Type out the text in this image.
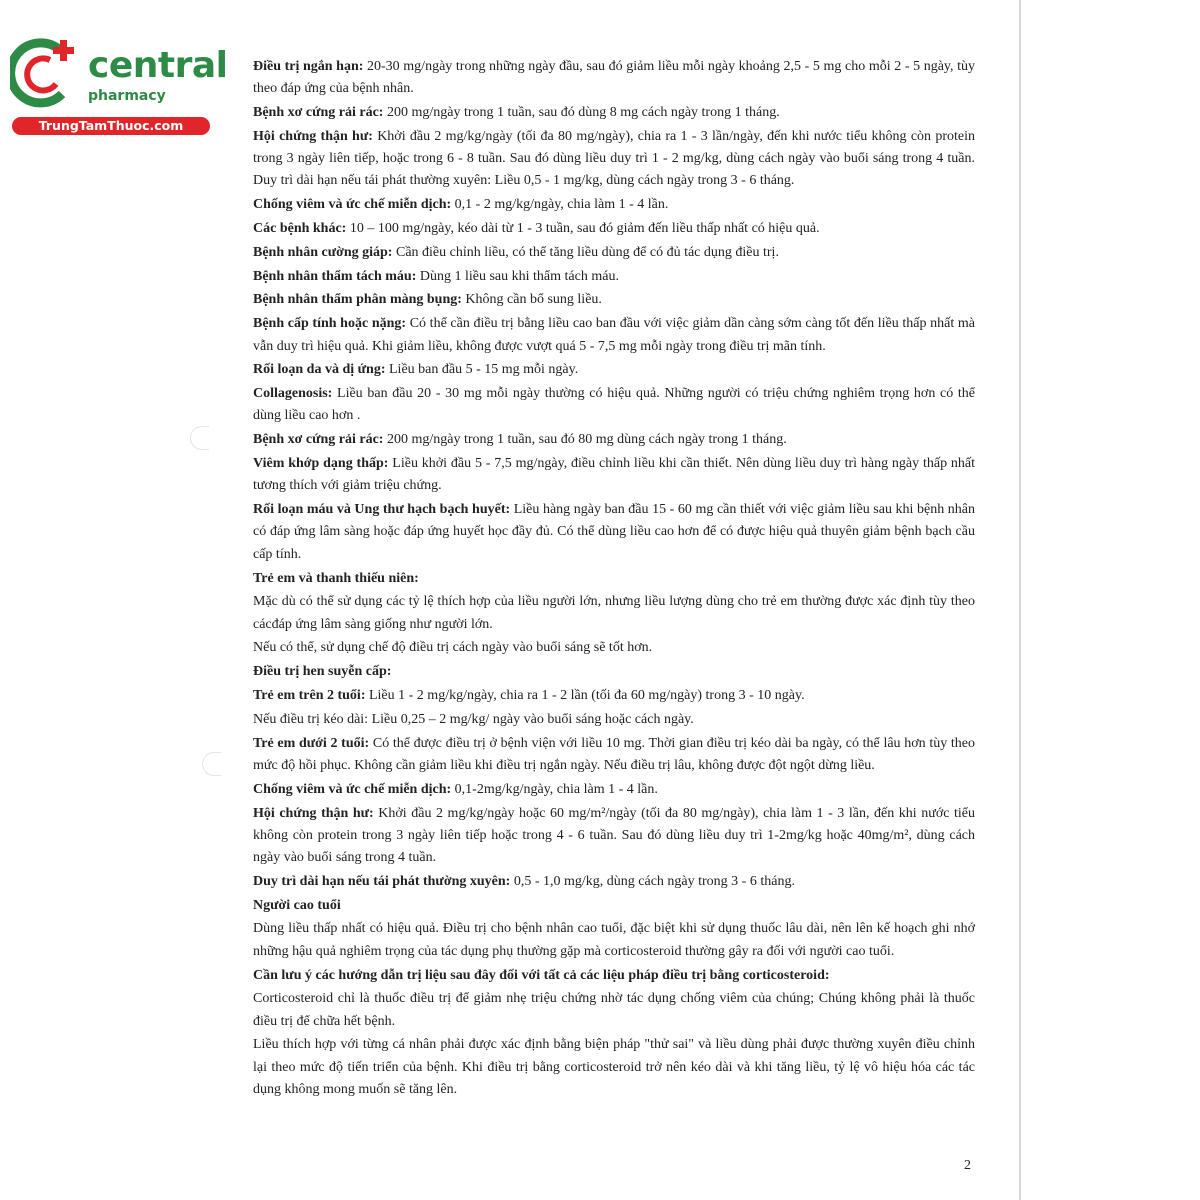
central
pharmacy
TrungTamThuoc.com

Điều trị ngắn hạn: 20-30 mg/ngày trong những ngày đầu, sau đó giảm liều mỗi ngày khoảng 2,5 - 5 mg cho mỗi 2 - 5 ngày, tùy theo đáp ứng của bệnh nhân.

Bệnh xơ cứng rải rác: 200 mg/ngày trong 1 tuần, sau đó dùng 8 mg cách ngày trong 1 tháng.

Hội chứng thận hư: Khởi đầu 2 mg/kg/ngày (tối đa 80 mg/ngày), chia ra 1 - 3 lần/ngày, đến khi nước tiểu không còn protein trong 3 ngày liên tiếp, hoặc trong 6 - 8 tuần. Sau đó dùng liều duy trì 1 - 2 mg/kg, dùng cách ngày vào buổi sáng trong 4 tuần. Duy trì dài hạn nếu tái phát thường xuyên: Liều 0,5 - 1 mg/kg, dùng cách ngày trong 3 - 6 tháng.

Chống viêm và ức chế miễn dịch: 0,1 - 2 mg/kg/ngày, chia làm 1 - 4 lần.

Các bệnh khác: 10 – 100 mg/ngày, kéo dài từ 1 - 3 tuần, sau đó giảm đến liều thấp nhất có hiệu quả.

Bệnh nhân cường giáp: Cần điều chỉnh liều, có thể tăng liều dùng để có đủ tác dụng điều trị.

Bệnh nhân thẩm tách máu: Dùng 1 liều sau khi thẩm tách máu.

Bệnh nhân thẩm phân màng bụng: Không cần bổ sung liều.

Bệnh cấp tính hoặc nặng: Có thể cần điều trị bằng liều cao ban đầu với việc giảm dần càng sớm càng tốt đến liều thấp nhất mà vẫn duy trì hiệu quả. Khi giảm liều, không được vượt quá 5 - 7,5 mg mỗi ngày trong điều trị mãn tính.

Rối loạn da và dị ứng: Liều ban đầu 5 - 15 mg mỗi ngày.

Collagenosis: Liều ban đầu 20 - 30 mg mỗi ngày thường có hiệu quả. Những người có triệu chứng nghiêm trọng hơn có thể dùng liều cao hơn .

Bệnh xơ cứng rải rác: 200 mg/ngày trong 1 tuần, sau đó 80 mg dùng cách ngày trong 1 tháng.

Viêm khớp dạng thấp: Liều khởi đầu 5 - 7,5 mg/ngày, điều chỉnh liều khi cần thiết. Nên dùng liều duy trì hàng ngày thấp nhất tương thích với giảm triệu chứng.

Rối loạn máu và Ung thư hạch bạch huyết: Liều hàng ngày ban đầu 15 - 60 mg cần thiết với việc giảm liều sau khi bệnh nhân có đáp ứng lâm sàng hoặc đáp ứng huyết học đầy đủ. Có thể dùng liều cao hơn để có được hiệu quả thuyên giảm bệnh bạch cầu cấp tính.

Trẻ em và thanh thiếu niên:

Mặc dù có thể sử dụng các tỷ lệ thích hợp của liều người lớn, nhưng liều lượng dùng cho trẻ em thường được xác định tùy theo cácđáp ứng lâm sàng giống như người lớn.

Nếu có thể, sử dụng chế độ điều trị cách ngày vào buổi sáng sẽ tốt hơn.

Điều trị hen suyễn cấp:

Trẻ em trên 2 tuổi: Liều 1 - 2 mg/kg/ngày, chia ra 1 - 2 lần (tối đa 60 mg/ngày) trong 3 - 10 ngày.

Nếu điều trị kéo dài: Liều 0,25 – 2 mg/kg/ ngày vào buổi sáng hoặc cách ngày.

Trẻ em dưới 2 tuổi: Có thể được điều trị ở bệnh viện với liều 10 mg. Thời gian điều trị kéo dài ba ngày, có thể lâu hơn tùy theo mức độ hồi phục. Không cần giảm liều khi điều trị ngắn ngày. Nếu điều trị lâu, không được đột ngột dừng liều.

Chống viêm và ức chế miễn dịch: 0,1-2mg/kg/ngày, chia làm 1 - 4 lần.

Hội chứng thận hư: Khởi đầu 2 mg/kg/ngày hoặc 60 mg/m²/ngày (tối đa 80 mg/ngày), chia làm 1 - 3 lần, đến khi nước tiểu không còn protein trong 3 ngày liên tiếp hoặc trong 4 - 6 tuần. Sau đó dùng liều duy trì 1-2mg/kg hoặc 40mg/m², dùng cách ngày vào buổi sáng trong 4 tuần.

Duy trì dài hạn nếu tái phát thường xuyên: 0,5 - 1,0 mg/kg, dùng cách ngày trong 3 - 6 tháng.

Người cao tuổi

Dùng liều thấp nhất có hiệu quả. Điều trị cho bệnh nhân cao tuổi, đặc biệt khi sử dụng thuốc lâu dài, nên lên kế hoạch ghi nhớ những hậu quả nghiêm trọng của tác dụng phụ thường gặp mà corticosteroid thường gây ra đối với người cao tuổi.

Cần lưu ý các hướng dẫn trị liệu sau đây đối với tất cả các liệu pháp điều trị bằng corticosteroid:

Corticosteroid chỉ là thuốc điều trị để giảm nhẹ triệu chứng nhờ tác dụng chống viêm của chúng; Chúng không phải là thuốc điều trị để chữa hết bệnh.

Liều thích hợp với từng cá nhân phải được xác định bằng biện pháp "thử sai" và liều dùng phải được thường xuyên điều chỉnh lại theo mức độ tiến triển của bệnh. Khi điều trị bằng corticosteroid trở nên kéo dài và khi tăng liều, tỷ lệ vô hiệu hóa các tác dụng không mong muốn sẽ tăng lên.

2
